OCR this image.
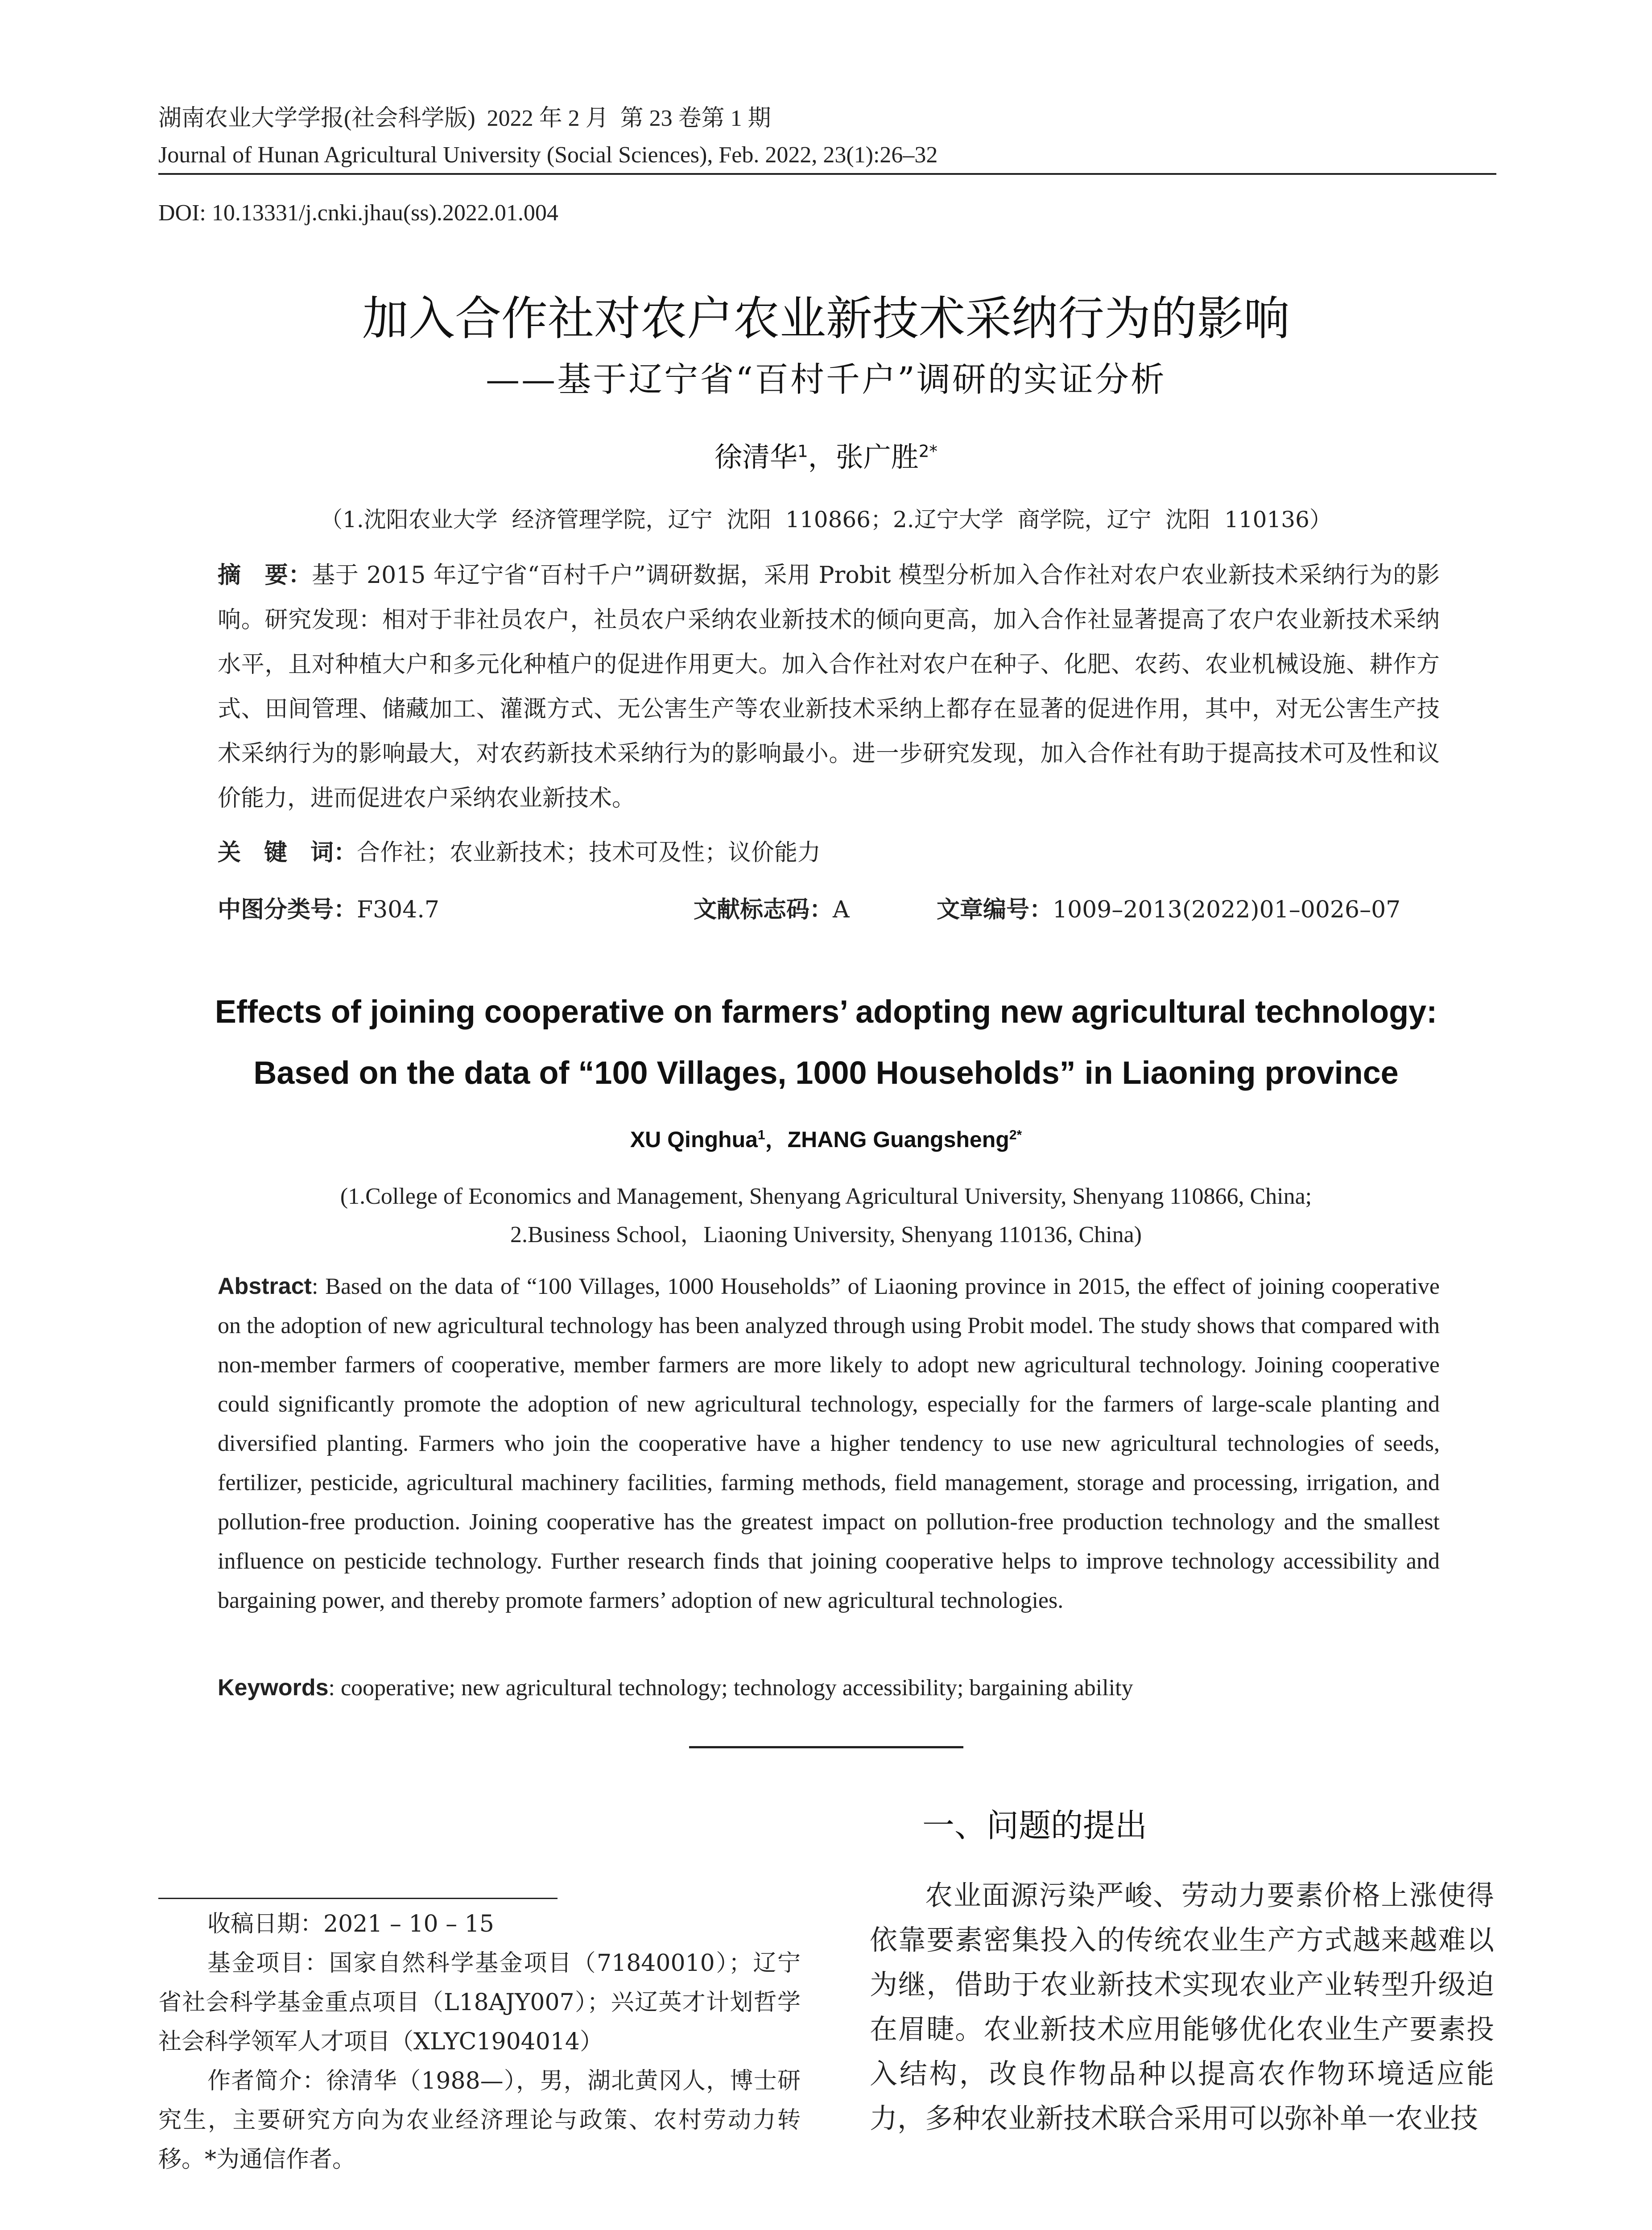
湖南农业大学学报(社会科学版)  2022 年 2 月  第 23 卷第 1 期
Journal of Hunan Agricultural University (Social Sciences), Feb. 2022, 23(1):26–32
DOI: 10.13331/j.cnki.jhau(ss).2022.01.004
加入合作社对农户农业新技术采纳行为的影响
——基于辽宁省“百村千户”调研的实证分析
徐清华$^1$，张广胜$^{2*}$
（1.沈阳农业大学  经济管理学院，辽宁  沈阳  110866；2.辽宁大学  商学院，辽宁  沈阳  110136）
摘　要：基于 2015 年辽宁省“百村千户”调研数据，采用 Probit 模型分析加入合作社对农户农业新技术采纳行为的影响。研究发现：相对于非社员农户，社员农户采纳农业新技术的倾向更高，加入合作社显著提高了农户农业新技术采纳水平，且对种植大户和多元化种植户的促进作用更大。加入合作社对农户在种子、化肥、农药、农业机械设施、耕作方式、田间管理、储藏加工、灌溉方式、无公害生产等农业新技术采纳上都存在显著的促进作用，其中，对无公害生产技术采纳行为的影响最大，对农药新技术采纳行为的影响最小。进一步研究发现，加入合作社有助于提高技术可及性和议价能力，进而促进农户采纳农业新技术。
关　键　词：合作社；农业新技术；技术可及性；议价能力
中图分类号：F304.7	文献标志码：A	文章编号：1009–2013(2022)01–0026–07
Effects of joining cooperative on farmers’ adopting new agricultural technology:
Based on the data of “100 Villages, 1000 Households” in Liaoning province
XU Qinghua$^1$，ZHANG Guangsheng$^{2*}$
(1.College of Economics and Management, Shenyang Agricultural University, Shenyang 110866, China;
2.Business School，Liaoning University, Shenyang 110136, China)
Abstract: Based on the data of “100 Villages, 1000 Households” of Liaoning province in 2015, the effect of joining cooperative on the adoption of new agricultural technology has been analyzed through using Probit model. The study shows that compared with non-member farmers of cooperative, member farmers are more likely to adopt new agricultural technology. Joining cooperative could significantly promote the adoption of new agricultural technology, especially for the farmers of large-scale planting and diversified planting. Farmers who join the cooperative have a higher tendency to use new agricultural technologies of seeds, fertilizer, pesticide, agricultural machinery facilities, farming methods, field management, storage and processing, irrigation, and pollution-free production. Joining cooperative has the greatest impact on pollution-free production technology and the smallest influence on pesticide technology. Further research finds that joining cooperative helps to improve technology accessibility and bargaining power, and thereby promote farmers’ adoption of new agricultural technologies.
Keywords: cooperative; new agricultural technology; technology accessibility; bargaining ability
收稿日期：2021 – 10 – 15
基金项目：国家自然科学基金项目（71840010）；辽宁省社会科学基金重点项目（L18AJY007）；兴辽英才计划哲学社会科学领军人才项目（XLYC1904014）
作者简介：徐清华（1988—），男，湖北黄冈人，博士研究生，主要研究方向为农业经济理论与政策、农村劳动力转移。*为通信作者。
一、问题的提出
农业面源污染严峻、劳动力要素价格上涨使得依靠要素密集投入的传统农业生产方式越来越难以为继，借助于农业新技术实现农业产业转型升级迫在眉睫。农业新技术应用能够优化农业生产要素投入结构，改良作物品种以提高农作物环境适应能力，多种农业新技术联合采用可以弥补单一农业技
